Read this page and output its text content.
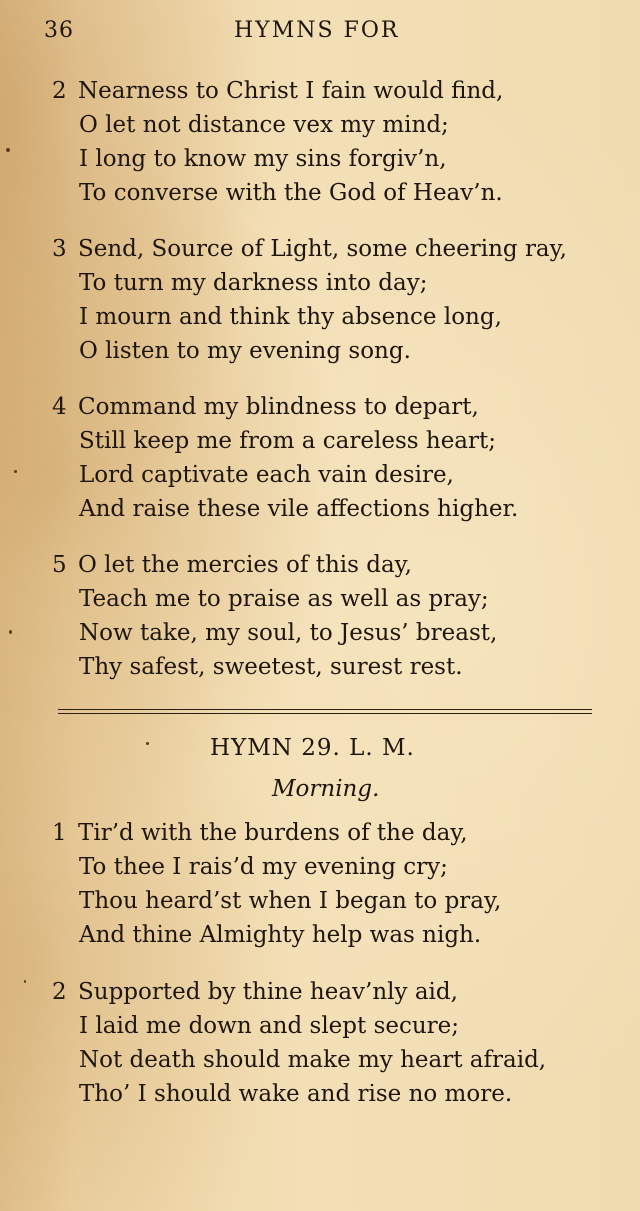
36	HYMNS FOR
2 Nearness to Christ I fain would find,
O let not distance vex my mind;
I long to know my sins forgiv’n,
To converse with the God of Heav’n.
3 Send, Source of Light, some cheering ray,
To turn my darkness into day;
I mourn and think thy absence long,
O listen to my evening song.
4 Command my blindness to depart,
Still keep me from a careless heart;
Lord captivate each vain desire,
And raise these vile affections higher.
5 O let the mercies of this day,
Teach me to praise as well as pray;
Now take, my soul, to Jesus’ breast,
Thy safest, sweetest, surest rest.
HYMN 29. L. M.
Morning.
1 Tir’d with the burdens of the day,
To thee I rais’d my evening cry;
Thou heard’st when I began to pray,
And thine Almighty help was nigh.
2 Supported by thine heav’nly aid,
I laid me down and slept secure;
Not death should make my heart afraid,
Tho’ I should wake and rise no more.
